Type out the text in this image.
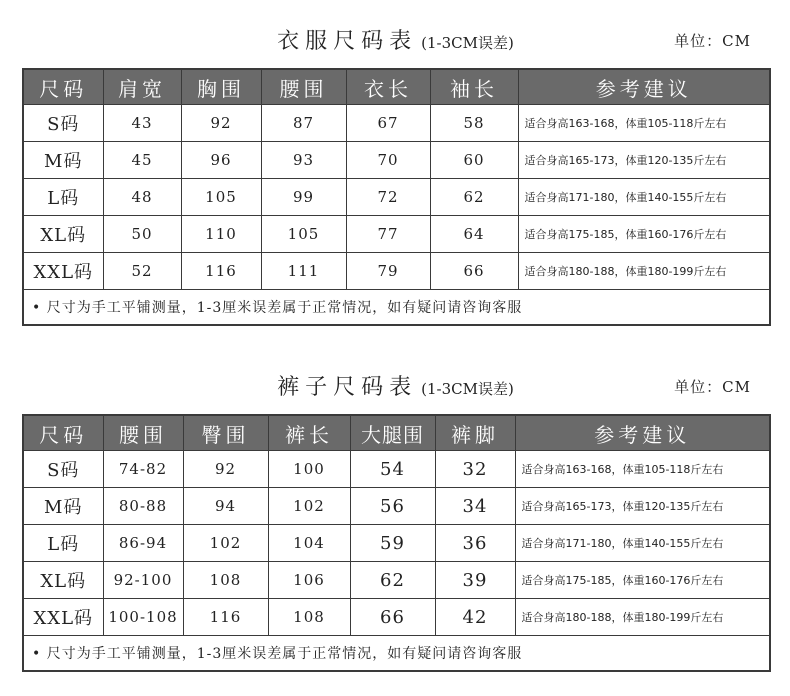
衣服尺码表 (1-3CM误差)	单位：CM
尺码	肩宽	胸围	腰围	衣长	袖长	参考建议
S码	43	92	87	67	58	适合身高163-168，体重105-118斤左右
M码	45	96	93	70	60	适合身高165-173，体重120-135斤左右
L码	48	105	99	72	62	适合身高171-180，体重140-155斤左右
XL码	50	110	105	77	64	适合身高175-185，体重160-176斤左右
XXL码	52	116	111	79	66	适合身高180-188，体重180-199斤左右
• 尺寸为手工平铺测量，1-3厘米误差属于正常情况，如有疑问请咨询客服						
裤子尺码表 (1-3CM误差)	单位：CM
尺码	腰围	臀围	裤长	大腿围	裤脚	参考建议
S码	74-82	92	100	54	32	适合身高163-168，体重105-118斤左右
M码	80-88	94	102	56	34	适合身高165-173，体重120-135斤左右
L码	86-94	102	104	59	36	适合身高171-180，体重140-155斤左右
XL码	92-100	108	106	62	39	适合身高175-185，体重160-176斤左右
XXL码	100-108	116	108	66	42	适合身高180-188，体重180-199斤左右
• 尺寸为手工平铺测量，1-3厘米误差属于正常情况，如有疑问请咨询客服						
